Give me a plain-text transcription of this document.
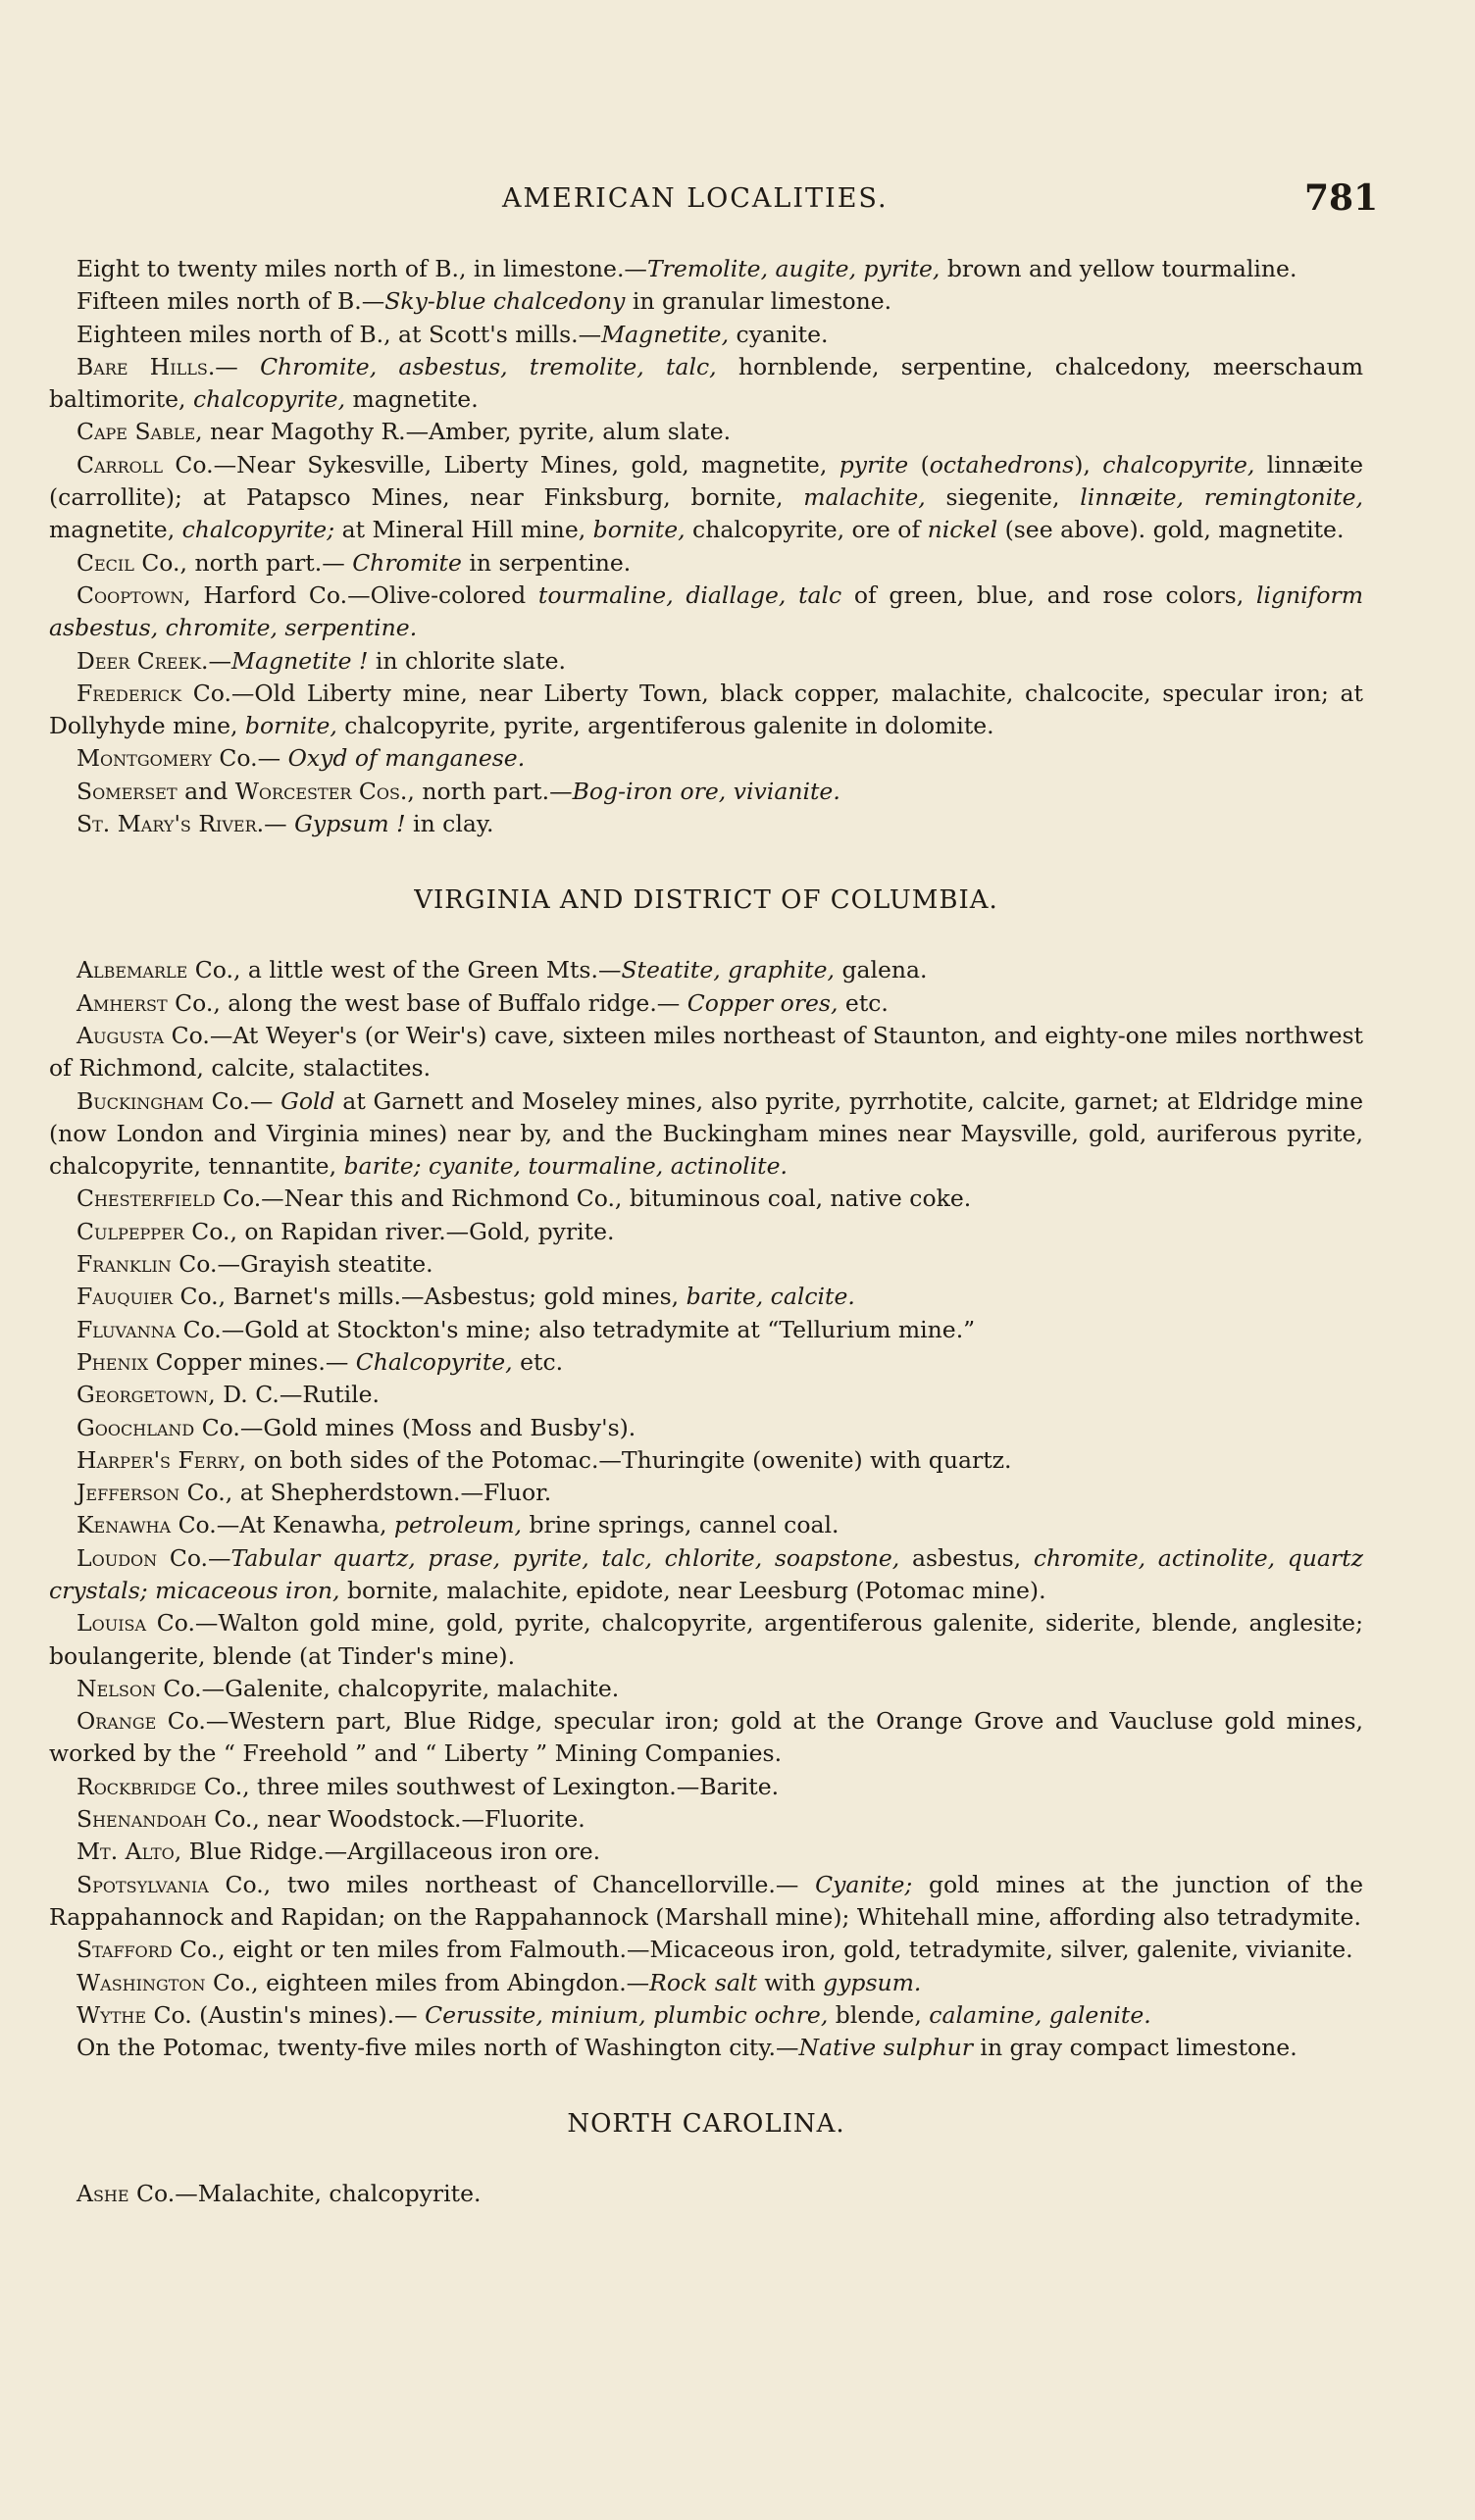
AMERICAN LOCALITIES.	781

Eight to twenty miles north of B., in limestone.—Tremolite, augite, pyrite, brown and yellow tourmaline.

Fifteen miles north of B.—Sky-blue chalcedony in granular limestone.

Eighteen miles north of B., at Scott's mills.—Magnetite, cyanite.

Bare Hills.— Chromite, asbestus, tremolite, talc, hornblende, serpentine, chalcedony, meerschaum baltimorite, chalcopyrite, magnetite.

Cape Sable, near Magothy R.—Amber, pyrite, alum slate.

Carroll Co.—Near Sykesville, Liberty Mines, gold, magnetite, pyrite (octahedrons), chalcopyrite, linnæite (carrollite); at Patapsco Mines, near Finksburg, bornite, malachite, siegenite, linnæite, remingtonite, magnetite, chalcopyrite; at Mineral Hill mine, bornite, chalcopyrite, ore of nickel (see above). gold, magnetite.

Cecil Co., north part.— Chromite in serpentine.

Cooptown, Harford Co.—Olive-colored tourmaline, diallage, talc of green, blue, and rose colors, ligniform asbestus, chromite, serpentine.

Deer Creek.—Magnetite ! in chlorite slate.

Frederick Co.—Old Liberty mine, near Liberty Town, black copper, malachite, chalcocite, specular iron; at Dollyhyde mine, bornite, chalcopyrite, pyrite, argentiferous galenite in dolomite.

Montgomery Co.— Oxyd of manganese.

Somerset and Worcester Cos., north part.—Bog-iron ore, vivianite.

St. Mary's River.— Gypsum ! in clay.

VIRGINIA AND DISTRICT OF COLUMBIA.

Albemarle Co., a little west of the Green Mts.—Steatite, graphite, galena.

Amherst Co., along the west base of Buffalo ridge.— Copper ores, etc.

Augusta Co.—At Weyer's (or Weir's) cave, sixteen miles northeast of Staunton, and eighty-one miles northwest of Richmond, calcite, stalactites.

Buckingham Co.— Gold at Garnett and Moseley mines, also pyrite, pyrrhotite, calcite, garnet; at Eldridge mine (now London and Virginia mines) near by, and the Buckingham mines near Maysville, gold, auriferous pyrite, chalcopyrite, tennantite, barite; cyanite, tourmaline, actinolite.

Chesterfield Co.—Near this and Richmond Co., bituminous coal, native coke.

Culpepper Co., on Rapidan river.—Gold, pyrite.

Franklin Co.—Grayish steatite.

Fauquier Co., Barnet's mills.—Asbestus; gold mines, barite, calcite.

Fluvanna Co.—Gold at Stockton's mine; also tetradymite at “Tellurium mine.”

Phenix Copper mines.— Chalcopyrite, etc.

Georgetown, D. C.—Rutile.

Goochland Co.—Gold mines (Moss and Busby's).

Harper's Ferry, on both sides of the Potomac.—Thuringite (owenite) with quartz.

Jefferson Co., at Shepherdstown.—Fluor.

Kenawha Co.—At Kenawha, petroleum, brine springs, cannel coal.

Loudon Co.—Tabular quartz, prase, pyrite, talc, chlorite, soapstone, asbestus, chromite, actinolite, quartz crystals; micaceous iron, bornite, malachite, epidote, near Leesburg (Potomac mine).

Louisa Co.—Walton gold mine, gold, pyrite, chalcopyrite, argentiferous galenite, siderite, blende, anglesite; boulangerite, blende (at Tinder's mine).

Nelson Co.—Galenite, chalcopyrite, malachite.

Orange Co.—Western part, Blue Ridge, specular iron; gold at the Orange Grove and Vaucluse gold mines, worked by the “ Freehold ” and “ Liberty ” Mining Companies.

Rockbridge Co., three miles southwest of Lexington.—Barite.

Shenandoah Co., near Woodstock.—Fluorite.

Mt. Alto, Blue Ridge.—Argillaceous iron ore.

Spotsylvania Co., two miles northeast of Chancellorville.— Cyanite; gold mines at the junction of the Rappahannock and Rapidan; on the Rappahannock (Marshall mine); Whitehall mine, affording also tetradymite.

Stafford Co., eight or ten miles from Falmouth.—Micaceous iron, gold, tetradymite, silver, galenite, vivianite.

Washington Co., eighteen miles from Abingdon.—Rock salt with gypsum.

Wythe Co. (Austin's mines).— Cerussite, minium, plumbic ochre, blende, calamine, galenite.

On the Potomac, twenty-five miles north of Washington city.—Native sulphur in gray compact limestone.

NORTH CAROLINA.

Ashe Co.—Malachite, chalcopyrite.
